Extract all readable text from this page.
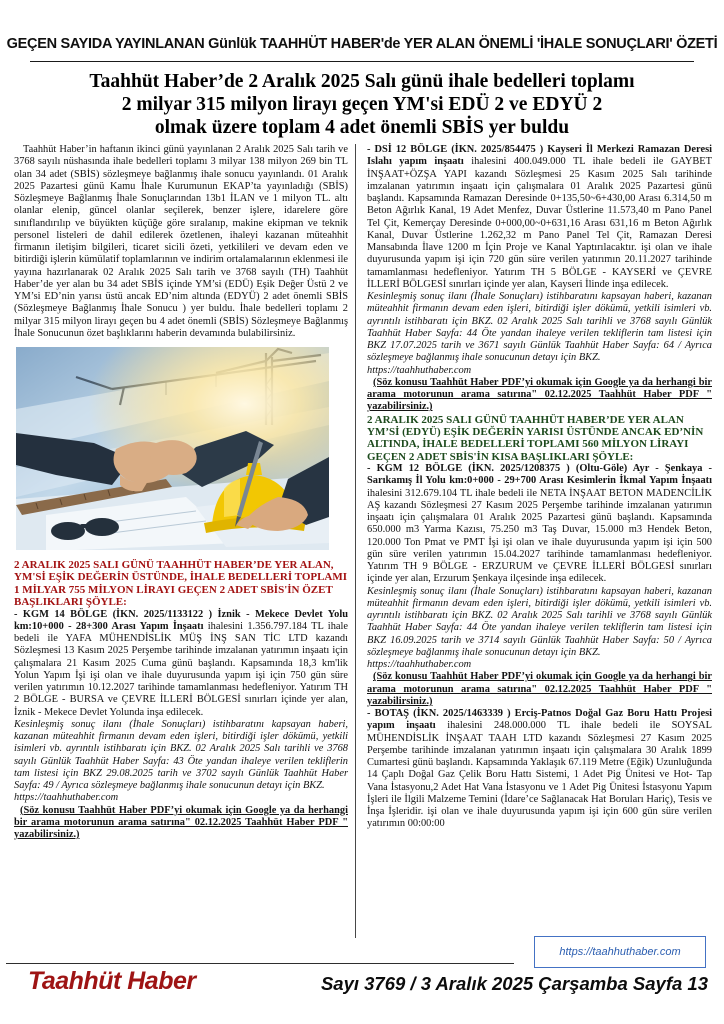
GEÇEN SAYIDA YAYINLANAN Günlük TAAHHÜT HABER'de YER ALAN ÖNEMLİ 'İHALE SONUÇLARI' ÖZETİ
Taahhüt Haber’de 2 Aralık 2025 Salı günü ihale bedelleri toplamı
2 milyar 315 milyon lirayı geçen YM'si EDÜ 2 ve EDYÜ 2
olmak üzere toplam 4 adet önemli SBİS yer buldu

Taahhüt Haber’in haftanın ikinci günü yayınlanan 2 Aralık 2025 Salı tarih ve 3768 sayılı nüshasında ihale bedelleri toplamı 3 milyar 138 milyon 269 bin TL olan 34 adet (SBİS) sözleşmeye bağlanmış ihale sonucu yayınlandı. 01 Aralık 2025 Pazartesi günü Kamu İhale Kurumunun EKAP’ta yayınladığı (SBİS) Sözleşmeye Bağlanmış İhale Sonuçlarından 13b1 İLAN ve 1 milyon TL. altı olanlar elenip, güncel olanlar seçilerek, benzer işlere, idarelere göre sınıflandırılıp ve büyükten küçüğe göre sıralanıp, makine ekipman ve teknik personel listeleri de dahil edilerek özetlenen, ihaleyi kazanan müteahhit firmanın iletişim bilgileri, ticaret sicili özeti, yetkilileri ve devam eden ve bitirdiği işlerin kümülatif toplamlarının ve indirim ortalamalarının eklenmesi ile yayına hazırlanarak 02 Aralık 2025 Salı tarih ve 3768 sayılı (TH) Taahhüt Haber’de yer alan bu 34 adet SBİS içinde YM’si (EDÜ) Eşik Değer Üstü 2 ve YM’si ED’nin yarısı üstü ancak ED’nim altında (EDYÜ) 2 adet önemli SBİS (Sözleşmeye Bağlanmış İhale Sonucu ) yer buldu. İhale bedelleri toplamı 2 milyar 315 milyon lirayı geçen bu 4 adet önemli (SBİS) Sözleşmeye Bağlanmış İhale Sonucunun özet başlıklarını haberin devamında bulabilirsiniz.

2 ARALIK 2025 SALI GÜNÜ TAAHHÜT HABER’DE YER ALAN, YM'Sİ EŞİK DEĞERİN ÜSTÜNDE, İHALE BEDELLERİ TOPLAMI 1 MİLYAR 755 MİLYON LİRAYI GEÇEN 2 ADET SBİS'İN ÖZET BAŞLIKLARI ŞÖYLE:

- KGM 14 BÖLGE (İKN. 2025/1133122 ) İznik - Mekece Devlet Yolu km:10+000 - 28+300 Arası Yapım İnşaatı ihalesini 1.356.797.184 TL ihale bedeli ile YAFA MÜHENDİSLİK MÜŞ İNŞ SAN TİC LTD kazandı Sözleşmesi 13 Kasım 2025 Perşembe tarihinde imzalanan yatırımın inşaatı için çalışmalara 21 Kasım 2025 Cuma günü başlandı. Kapsamında 18,3 km'lik Yolun Yapım İşi işi olan ve ihale duyurusunda yapım işi için 750 gün süre verilen yatırımın 10.12.2027 tarihinde tamamlanması hedefleniyor. Yatırım TH 2 BÖLGE - BURSA ve ÇEVRE İLLERİ BÖLGESİ sınırları içinde yer alan, İznik - Mekece Devlet Yolunda inşa edilecek.

Kesinleşmiş sonuç ilanı (İhale Sonuçları) istihbaratını kapsayan haberi, kazanan müteahhit firmanın devam eden işleri, bitirdiği işler dökümü, yetkili isimleri vb. ayrıntılı istihbaratı için BKZ. 02 Aralık 2025 Salı tarihli ve 3768 sayılı Günlük Taahhüt Haber Sayfa: 43 Öte yandan ihaleye verilen tekliflerin tam listesi için BKZ 29.08.2025 tarih ve 3702 sayılı Günlük Taahhüt Haber Sayfa: 49 / Ayrıca sözleşmeye bağlanmış ihale sonucunun detayı için BKZ.

https://taahhuthaber.com

(Söz konusu Taahhüt Haber PDF’yi okumak için Google ya da herhangi bir arama motorunun arama satırına" 02.12.2025 Taahhüt Haber PDF " yazabilirsiniz.)

- DSİ 12 BÖLGE (İKN. 2025/854475 ) Kayseri İl Merkezi Ramazan Deresi Islahı yapım inşaatı ihalesini 400.049.000 TL ihale bedeli ile GAYBET İNŞAAT+ÖZŞA YAPI kazandı Sözleşmesi 25 Kasım 2025 Salı tarihinde imzalanan yatırımın inşaatı için çalışmalara 01 Aralık 2025 Pazartesi günü başlandı. Kapsamında Ramazan Deresinde 0+135,50~6+430,00 Arası 6.314,50 m Beton Ağırlık Kanal, 19 Adet Menfez, Duvar Üstlerine 11.573,40 m Pano Panel Tel Çit, Kemerçay Deresinde 0+000,00~0+631,16 Arası 631,16 m Beton Ağırlık Kanal, Duvar Üstlerine 1.262,32 m Pano Panel Tel Çit, Ramazan Deresi Mansabında İlave 1200 m İçin Proje ve Kanal Yaptırılacaktır. işi olan ve ihale duyurusunda yapım işi için 720 gün süre verilen yatırımın 20.11.2027 tarihinde tamamlanması hedefleniyor. Yatırım TH 5 BÖLGE - KAYSERİ ve ÇEVRE İLLERİ BÖLGESİ sınırları içinde yer alan, Kayseri İlinde inşa edilecek.

Kesinleşmiş sonuç ilanı (İhale Sonuçları) istihbaratını kapsayan haberi, kazanan müteahhit firmanın devam eden işleri, bitirdiği işler dökümü, yetkili isimleri vb. ayrıntılı istihbaratı için BKZ. 02 Aralık 2025 Salı tarihli ve 3768 sayılı Günlük Taahhüt Haber Sayfa: 44 Öte yandan ihaleye verilen tekliflerin tam listesi için BKZ 17.07.2025 tarih ve 3671 sayılı Günlük Taahhüt Haber Sayfa: 64 / Ayrıca sözleşmeye bağlanmış ihale sonucunun detayı için BKZ.

https://taahhuthaber.com

(Söz konusu Taahhüt Haber PDF’yi okumak için Google ya da herhangi bir arama motorunun arama satırına" 02.12.2025 Taahhüt Haber PDF " yazabilirsiniz.)

2 ARALIK 2025 SALI GÜNÜ TAAHHÜT HABER’DE YER ALAN YM’Sİ (EDYÜ) EŞİK DEĞERİN YARISI ÜSTÜNDE ANCAK ED’NİN ALTINDA, İHALE BEDELLERİ TOPLAMI 560 MİLYON LİRAYI GEÇEN 2 ADET SBİS'İN KISA BAŞLIKLARI ŞÖYLE:

- KGM 12 BÖLGE (İKN. 2025/1208375 ) (Oltu-Göle) Ayr - Şenkaya - Sarıkamış İl Yolu km:0+000 - 29+700 Arası Kesimlerin İkmal Yapım İnşaatı ihalesini 312.679.104 TL ihale bedeli ile NETA İNŞAAT BETON MADENCİLİK AŞ kazandı Sözleşmesi 27 Kasım 2025 Perşembe tarihinde imzalanan yatırımın inşaatı için çalışmalara 01 Aralık 2025 Pazartesi günü başlandı. Kapsamında 650.000 m3 Yarma Kazısı, 75.250 m3 Taş Duvar, 15.000 m3 Hendek Beton, 120.000 Ton Pmat ve PMT İşi işi olan ve ihale duyurusunda yapım işi için 500 gün süre verilen yatırımın 15.04.2027 tarihinde tamamlanması hedefleniyor. Yatırım TH 9 BÖLGE - ERZURUM ve ÇEVRE İLLERİ BÖLGESİ sınırları içinde yer alan, Erzurum Şenkaya ilçesinde inşa edilecek.

Kesinleşmiş sonuç ilanı (İhale Sonuçları) istihbaratını kapsayan haberi, kazanan müteahhit firmanın devam eden işleri, bitirdiği işler dökümü, yetkili isimleri vb. ayrıntılı istihbaratı için BKZ. 02 Aralık 2025 Salı tarihli ve 3768 sayılı Günlük Taahhüt Haber Sayfa: 44 Öte yandan ihaleye verilen tekliflerin tam listesi için BKZ 16.09.2025 tarih ve 3714 sayılı Günlük Taahhüt Haber Sayfa: 50 / Ayrıca sözleşmeye bağlanmış ihale sonucunun detayı için BKZ.

https://taahhuthaber.com

(Söz konusu Taahhüt Haber PDF’yi okumak için Google ya da herhangi bir arama motorunun arama satırına" 02.12.2025 Taahhüt Haber PDF " yazabilirsiniz.)

- BOTAŞ (İKN. 2025/1463339 ) Erciş-Patnos Doğal Gaz Boru Hattı Projesi yapım inşaatı ihalesini 248.000.000 TL ihale bedeli ile SOYSAL MÜHENDİSLİK İNŞAAT TAAH LTD kazandı Sözleşmesi 27 Kasım 2025 Perşembe tarihinde imzalanan yatırımın inşaatı için çalışmalara 30 Aralık 1899 Cumartesi günü başlandı. Kapsamında Yaklaşık 67.119 Metre (Eğik) Uzunluğunda 14 Çaplı Doğal Gaz Çelik Boru Hattı Sistemi, 1 Adet Pig Ünitesi ve Hot- Tap Vana İstasyonu,2 Adet Hat Vana İstasyonu ve 1 Adet Pig Ünitesi İstasyonu Yapım İşleri ile İlgili Malzeme Temini (İdare’ce Sağlanacak Hat Boruları Hariç), Tesis ve İnşa İşleridir. işi olan ve ihale duyurusunda yapım işi için 600 gün süre verilen yatırımın 00:00:00

https://taahhuthaber.com
Taahhüt Haber	Sayı 3769 / 3 Aralık 2025 Çarşamba Sayfa 13
